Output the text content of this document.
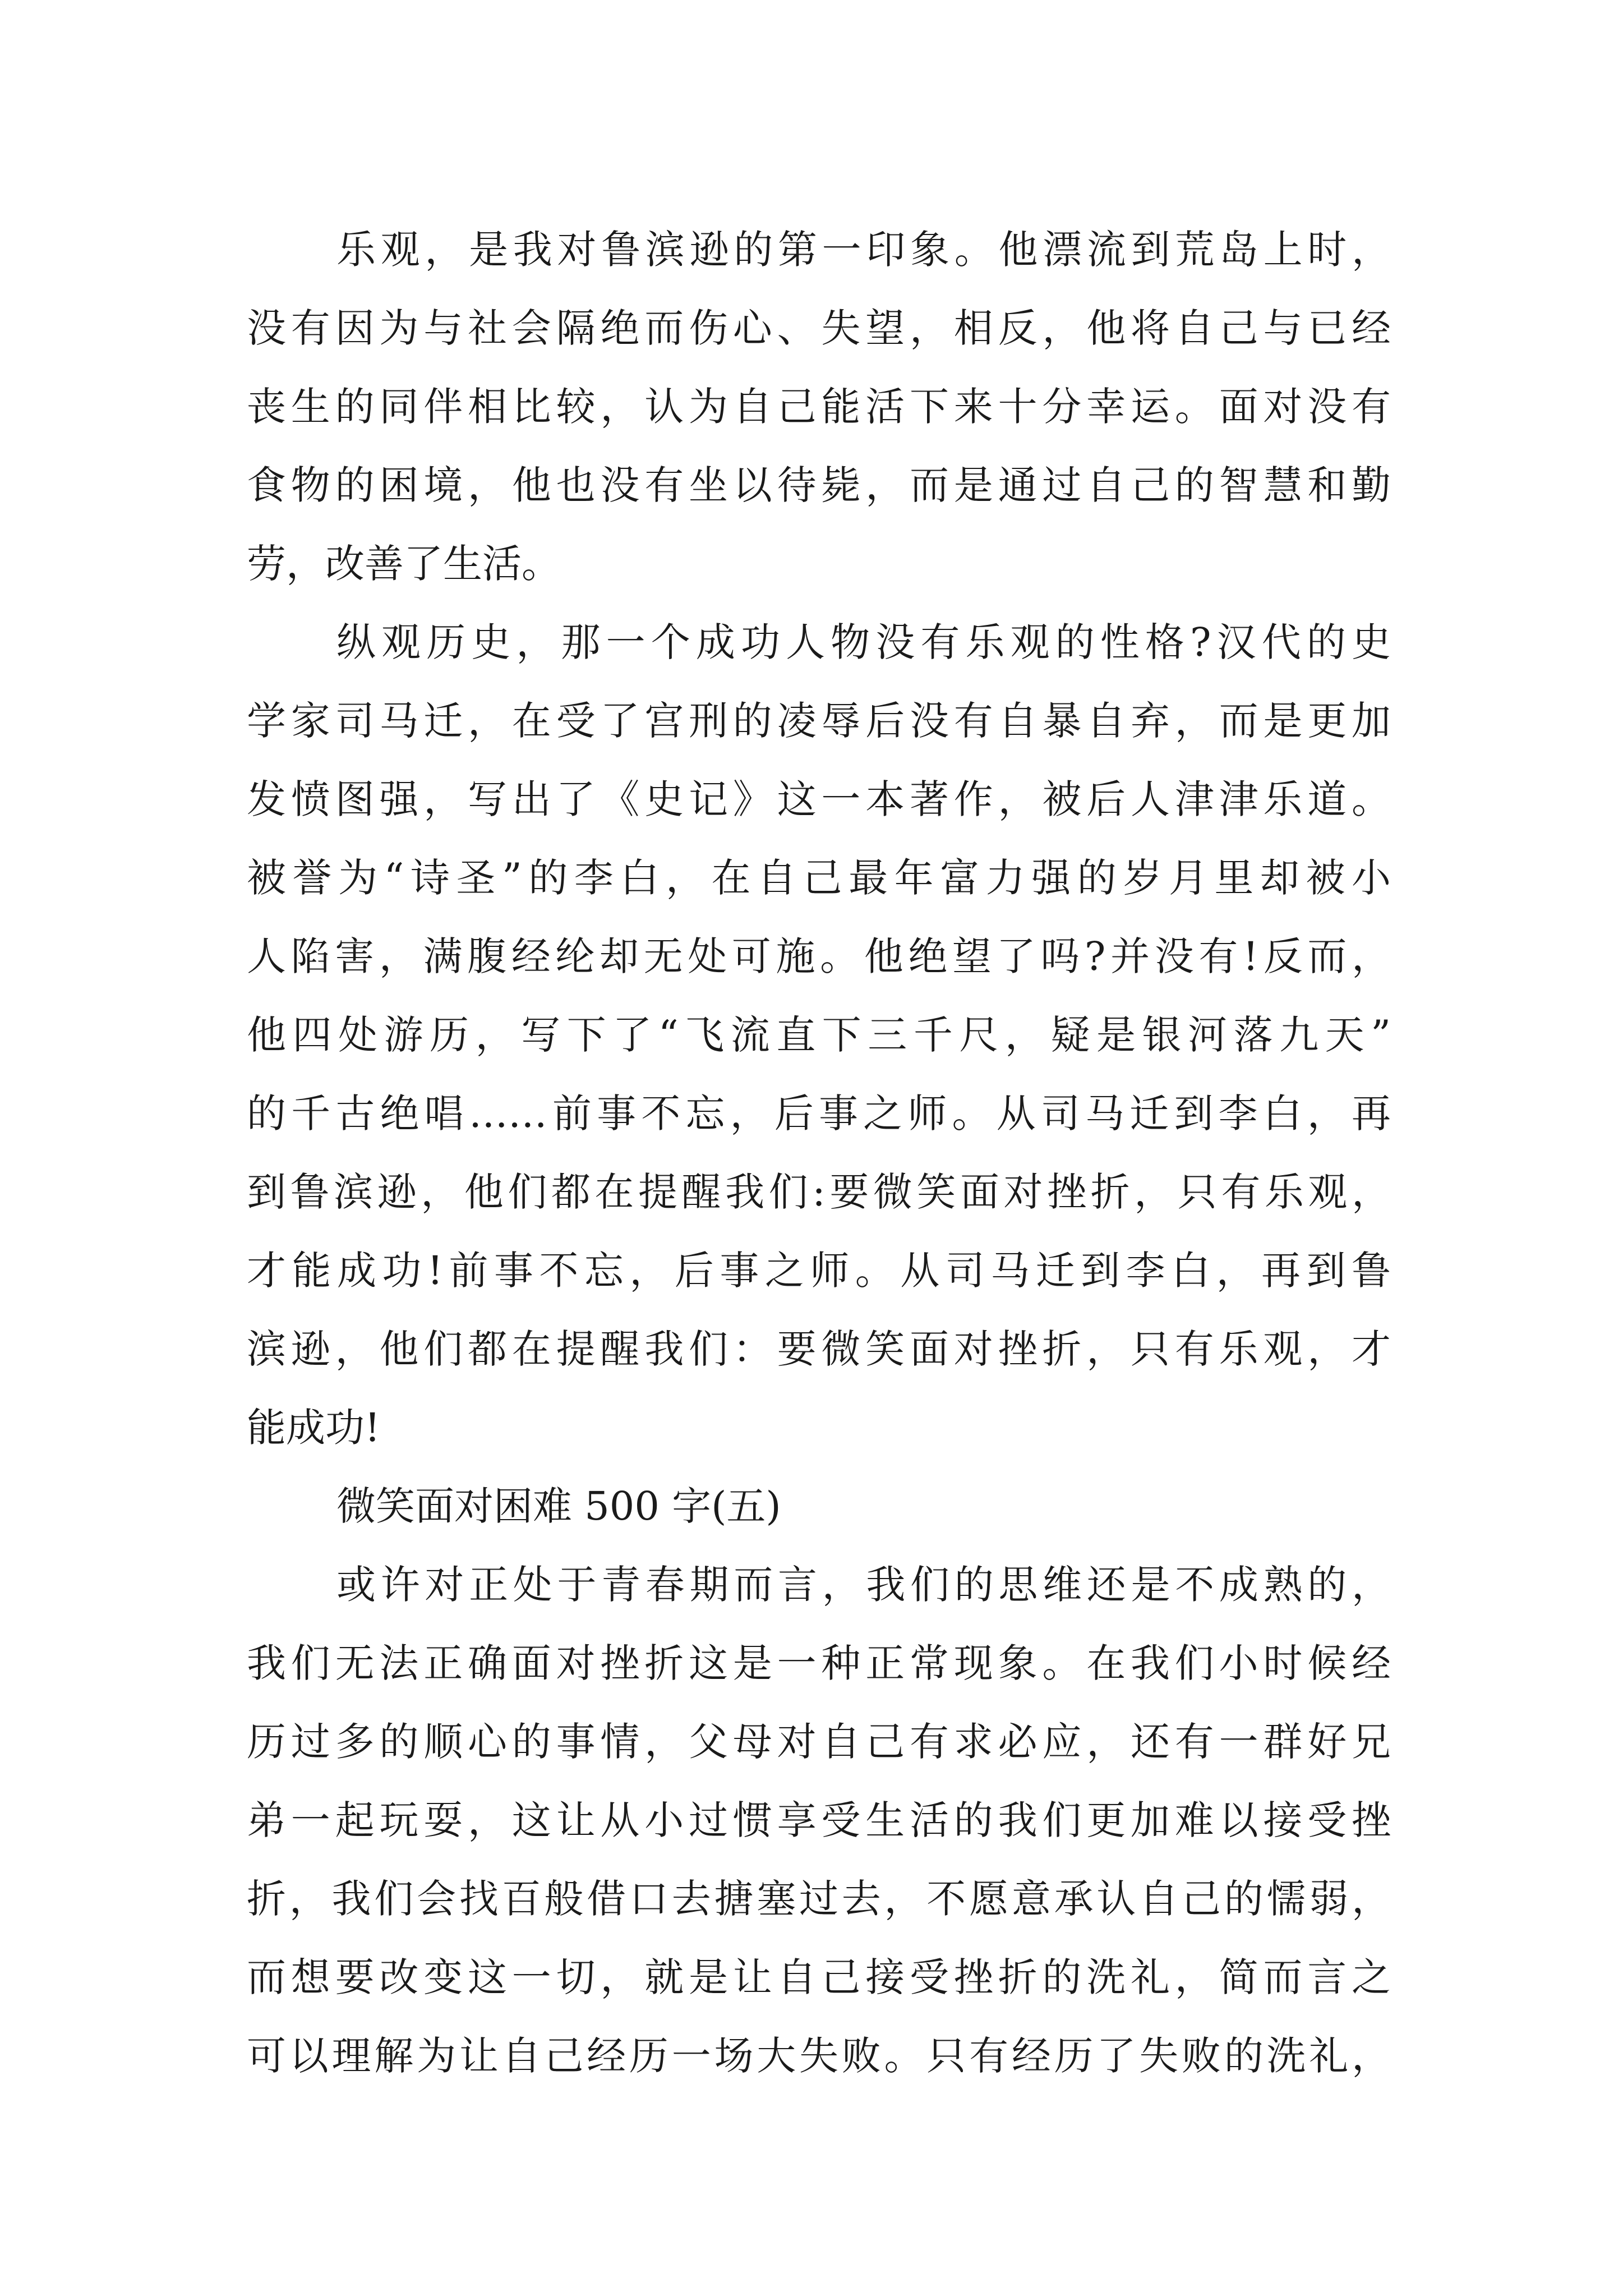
乐观，是我对鲁滨逊的第一印象。他漂流到荒岛上时，
没有因为与社会隔绝而伤心、失望，相反，他将自己与已经
丧生的同伴相比较，认为自己能活下来十分幸运。面对没有
食物的困境，他也没有坐以待毙，而是通过自己的智慧和勤
劳，改善了生活。
纵观历史，那一个成功人物没有乐观的性格?汉代的史
学家司马迁，在受了宫刑的凌辱后没有自暴自弃，而是更加
发愤图强，写出了《史记》这一本著作，被后人津津乐道。
被誉为“诗圣”的李白，在自己最年富力强的岁月里却被小
人陷害，满腹经纶却无处可施。他绝望了吗?并没有!反而，
他四处游历，写下了“飞流直下三千尺，疑是银河落九天”
的千古绝唱……前事不忘，后事之师。从司马迁到李白，再
到鲁滨逊，他们都在提醒我们:要微笑面对挫折，只有乐观，
才能成功!前事不忘，后事之师。从司马迁到李白，再到鲁
滨逊，他们都在提醒我们：要微笑面对挫折，只有乐观，才
能成功!
微笑面对困难 500 字(五)
或许对正处于青春期而言，我们的思维还是不成熟的，
我们无法正确面对挫折这是一种正常现象。在我们小时候经
历过多的顺心的事情，父母对自己有求必应，还有一群好兄
弟一起玩耍，这让从小过惯享受生活的我们更加难以接受挫
折，我们会找百般借口去搪塞过去，不愿意承认自己的懦弱，
而想要改变这一切，就是让自己接受挫折的洗礼，简而言之
可以理解为让自己经历一场大失败。只有经历了失败的洗礼，
